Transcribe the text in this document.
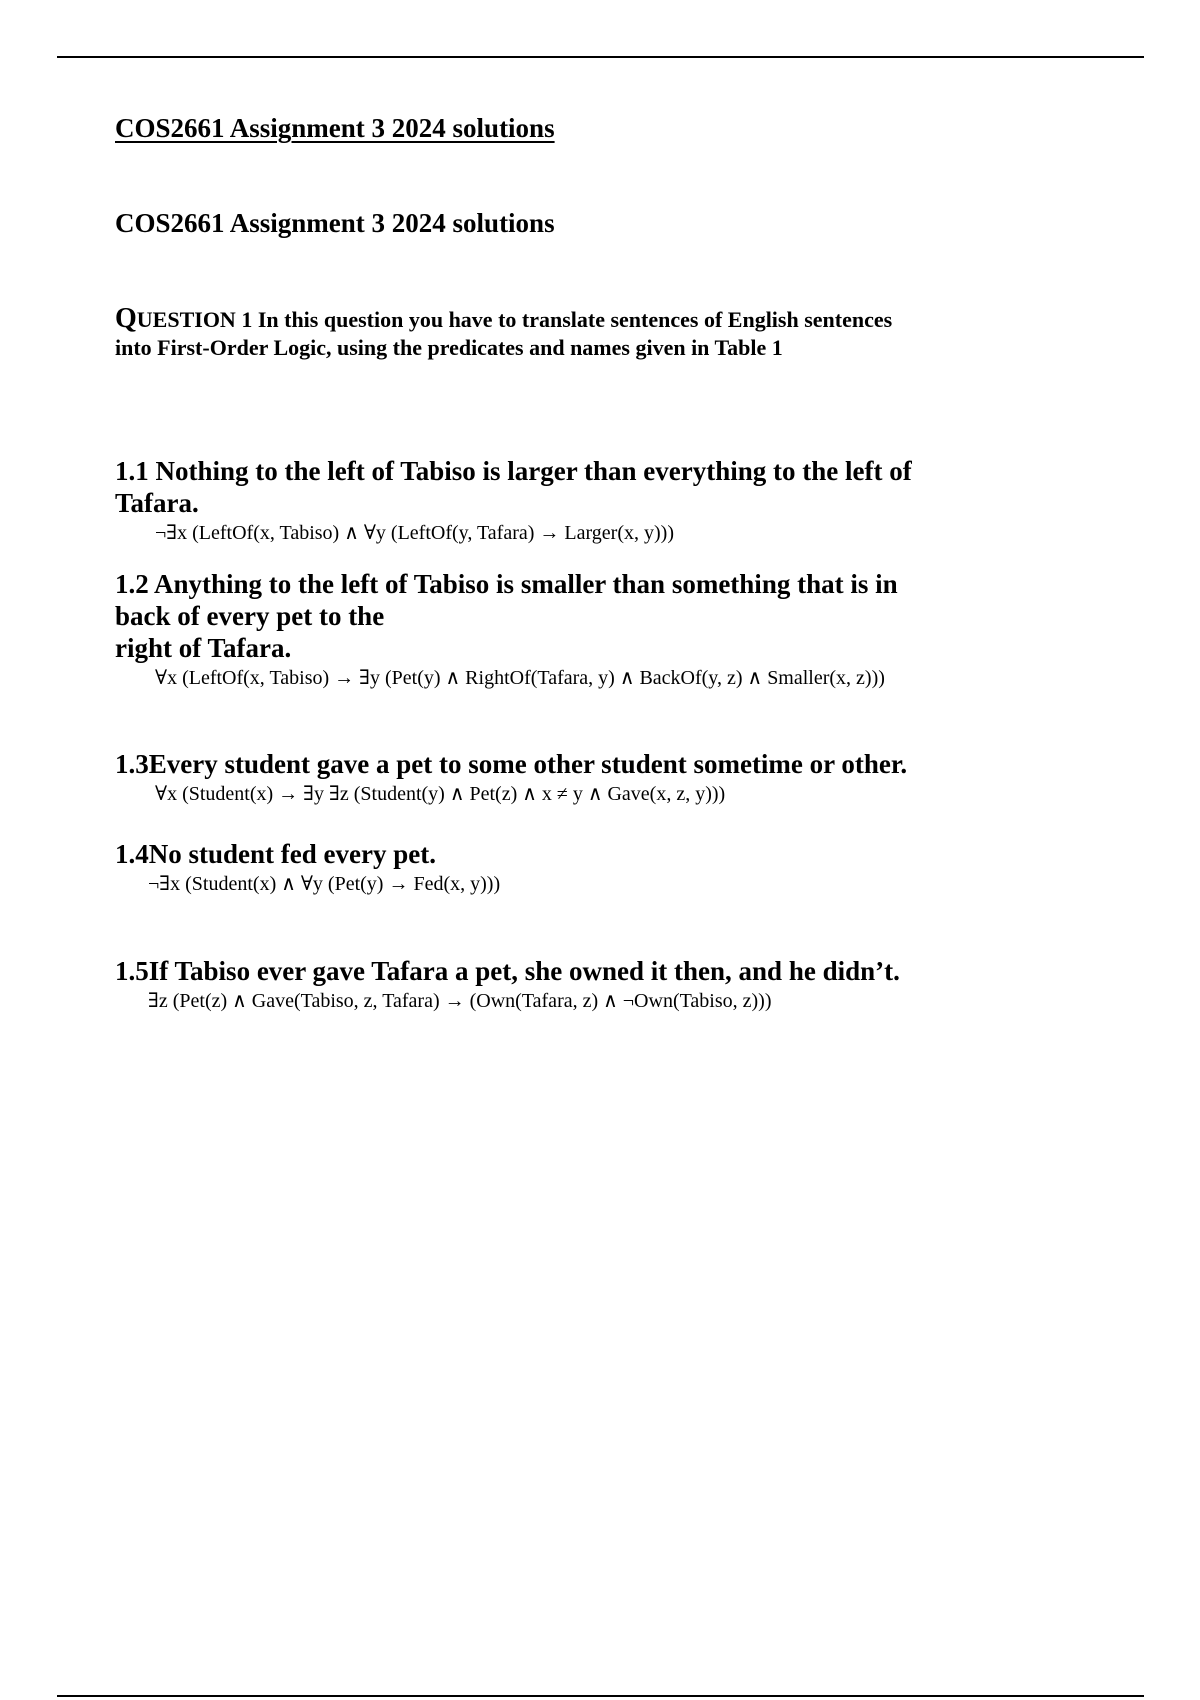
COS2661 Assignment 3 2024 solutions
COS2661 Assignment 3 2024 solutions

QUESTION 1 In this question you have to translate sentences of English sentences into First-Order Logic, using the predicates and names given in Table 1

1.1 Nothing to the left of Tabiso is larger than everything to the left of
Tafara.

¬∃x (LeftOf(x, Tabiso) ∧ ∀y (LeftOf(y, Tafara) → Larger(x, y)))

1.2 Anything to the left of Tabiso is smaller than something that is in
back of every pet to the
right of Tafara.

∀x (LeftOf(x, Tabiso) → ∃y (Pet(y) ∧ RightOf(Tafara, y) ∧ BackOf(y, z) ∧ Smaller(x, z)))

1.3Every student gave a pet to some other student sometime or other.

∀x (Student(x) → ∃y ∃z (Student(y) ∧ Pet(z) ∧ x ≠ y ∧ Gave(x, z, y)))

1.4No student fed every pet.

¬∃x (Student(x) ∧ ∀y (Pet(y) → Fed(x, y)))

1.5If Tabiso ever gave Tafara a pet, she owned it then, and he didn’t.

∃z (Pet(z) ∧ Gave(Tabiso, z, Tafara) → (Own(Tafara, z) ∧ ¬Own(Tabiso, z)))
